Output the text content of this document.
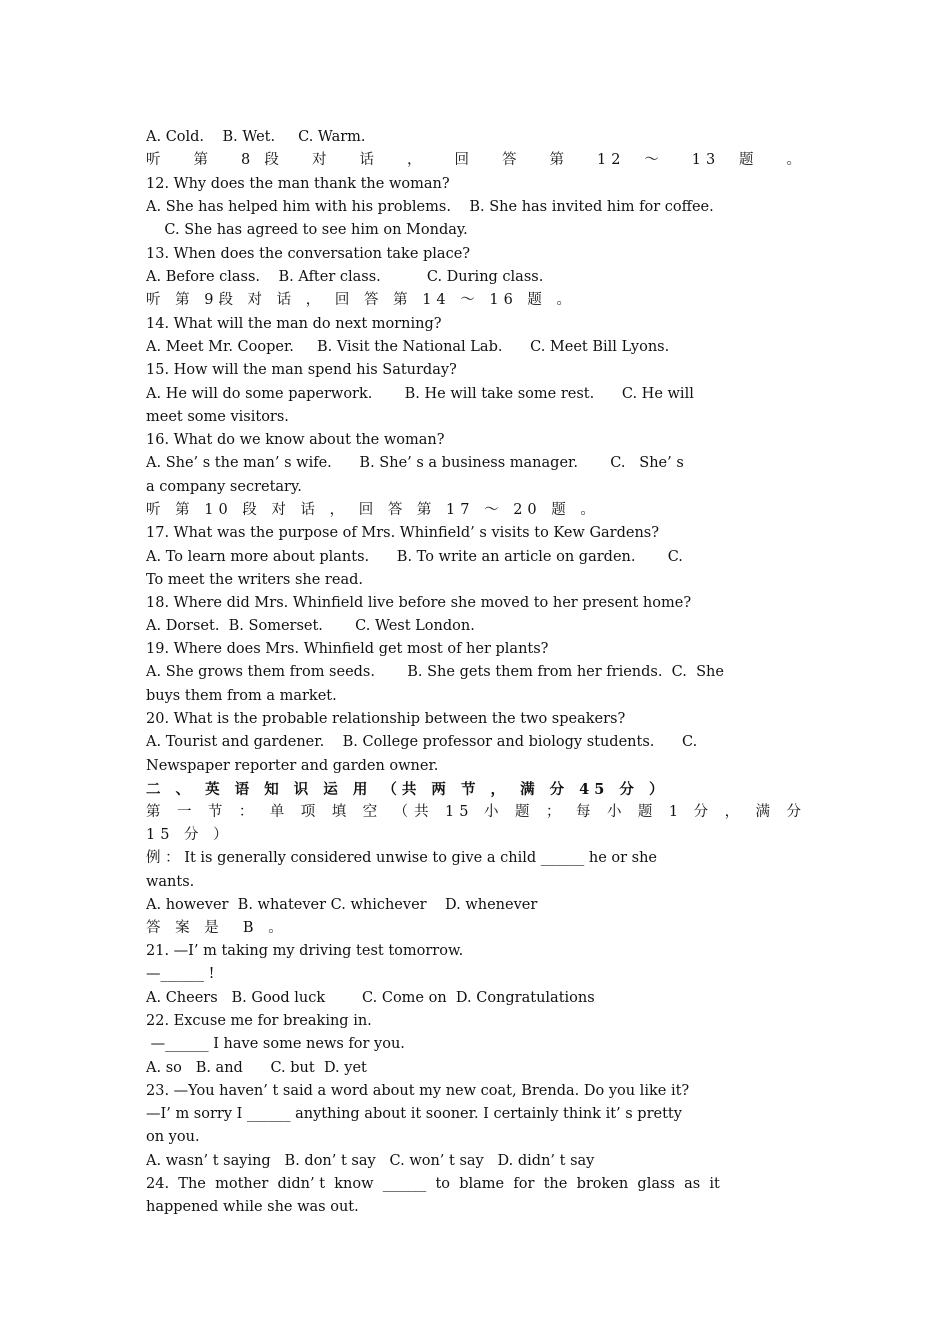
A. Cold.    B. Wet.     C. Warm.
听 第 8段 对 话 ， 回 答 第 12 ～ 13 题 。
12. Why does the man thank the woman?
A. She has helped him with his problems.    B. She has invited him for coffee.
C. She has agreed to see him on Monday.
13. When does the conversation take place?
A. Before class.    B. After class.          C. During class.
听 第 9段 对 话 ， 回 答 第 14 ～ 16 题 。
14. What will the man do next morning?
A. Meet Mr. Cooper.     B. Visit the National Lab.      C. Meet Bill Lyons.
15. How will the man spend his Saturday?
A. He will do some paperwork.       B. He will take some rest.      C. He will
meet some visitors.
16. What do we know about the woman?
A. She’ s the man’ s wife.      B. She’ s a business manager.       C.   She’ s
a company secretary.
听 第 10 段 对 话 ， 回 答 第 17 ～ 20 题 。
17. What was the purpose of Mrs. Whinfield’ s visits to Kew Gardens?
A. To learn more about plants.      B. To write an article on garden.       C.
To meet the writers she read.
18. Where did Mrs. Whinfield live before she moved to her present home?
A. Dorset.  B. Somerset.       C. West London.
19. Where does Mrs. Whinfield get most of her plants?
A. She grows them from seeds.       B. She gets them from her friends.  C.  She
buys them from a market.
20. What is the probable relationship between the two speakers?
A. Tourist and gardener.    B. College professor and biology students.      C.
Newspaper reporter and garden owner.
二 、 英 语 知 识 运 用 （共 两 节 ， 满 分 45 分 ）
第 一 节 ： 单 项 填 空 （共 15 小 题 ； 每 小 题 1 分 ， 满 分
15 分 ）
例 ： It is generally considered unwise to give a child ______ he or she
wants.
A. however  B. whatever C. whichever    D. whenever
答 案 是  B 。
21. —I’ m taking my driving test tomorrow.
—______ !
A. Cheers   B. Good luck        C. Come on  D. Congratulations
22. Excuse me for breaking in.
—______ I have some news for you.
A. so   B. and      C. but  D. yet
23. —You haven’ t said a word about my new coat, Brenda. Do you like it?
—I’ m sorry I ______ anything about it sooner. I certainly think it’ s pretty
on you.
A. wasn’ t saying   B. don’ t say   C. won’ t say   D. didn’ t say
24.  The  mother  didn’ t  know  ______  to  blame  for  the  broken  glass  as  it
happened while she was out.
